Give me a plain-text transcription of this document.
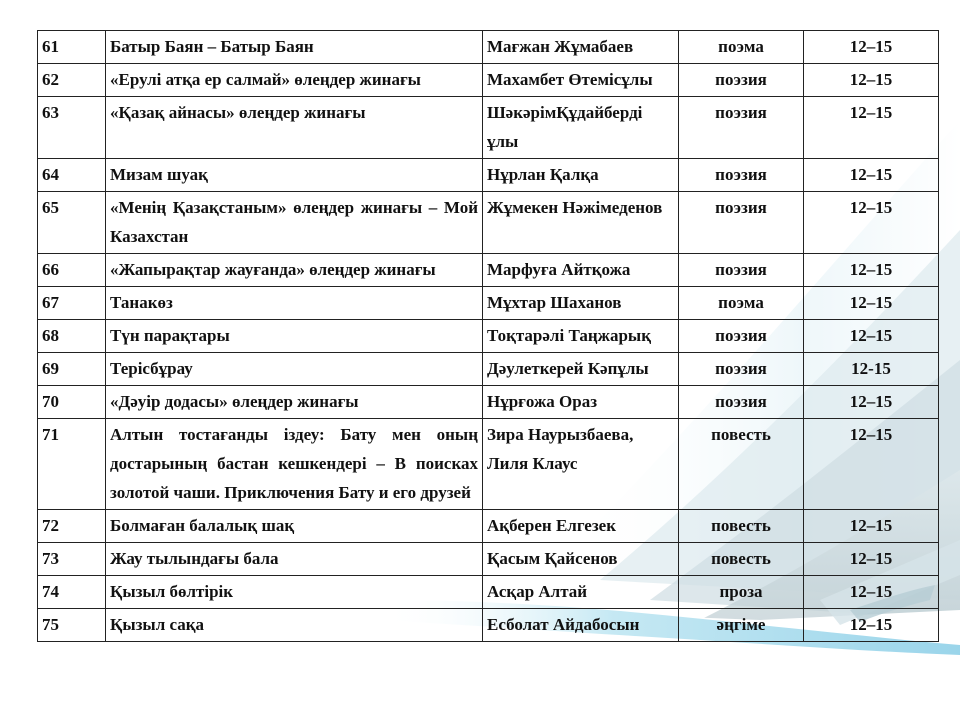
61	Батыр Баян – Батыр Баян	Мағжан Жұмабаев	поэма	12–15
62	«Ерулі атқа ер салмай» өлеңдер жинағы	Махамбет Өтемісұлы	поэзия	12–15
63	«Қазақ айнасы» өлеңдер жинағы	ШәкәрімҚұдайберді ұлы	поэзия	12–15
64	Мизам шуақ	Нұрлан Қалқа	поэзия	12–15
65	«Менің Қазақстаным» өлеңдер жинағы – Мой Казахстан	Жұмекен Нәжімеденов	поэзия	12–15
66	«Жапырақтар жауғанда» өлеңдер жинағы	Марфуға Айтқожа	поэзия	12–15
67	Танакөз	Мұхтар Шаханов	поэма	12–15
68	Түн парақтары	Тоқтарәлі Таңжарық	поэзия	12–15
69	Терісбұрау	Дәулеткерей Кәпұлы	поэзия	12-15
70	«Дәуір додасы» өлеңдер жинағы	Нұрғожа Ораз	поэзия	12–15
71	Алтын тостағанды іздеу: Бату мен оның достарының бастан кешкендері – В поисках золотой чаши. Приключения Бату и его друзей	Зира Наурызбаева, Лиля Клаус	повесть	12–15
72	Болмаған балалық шақ	Ақберен Елгезек	повесть	12–15
73	Жау тылындағы бала	Қасым Қайсенов	повесть	12–15
74	Қызыл бөлтірік	Асқар Алтай	проза	12–15
75	Қызыл сақа	Есболат Айдабосын	әңгіме	12–15
